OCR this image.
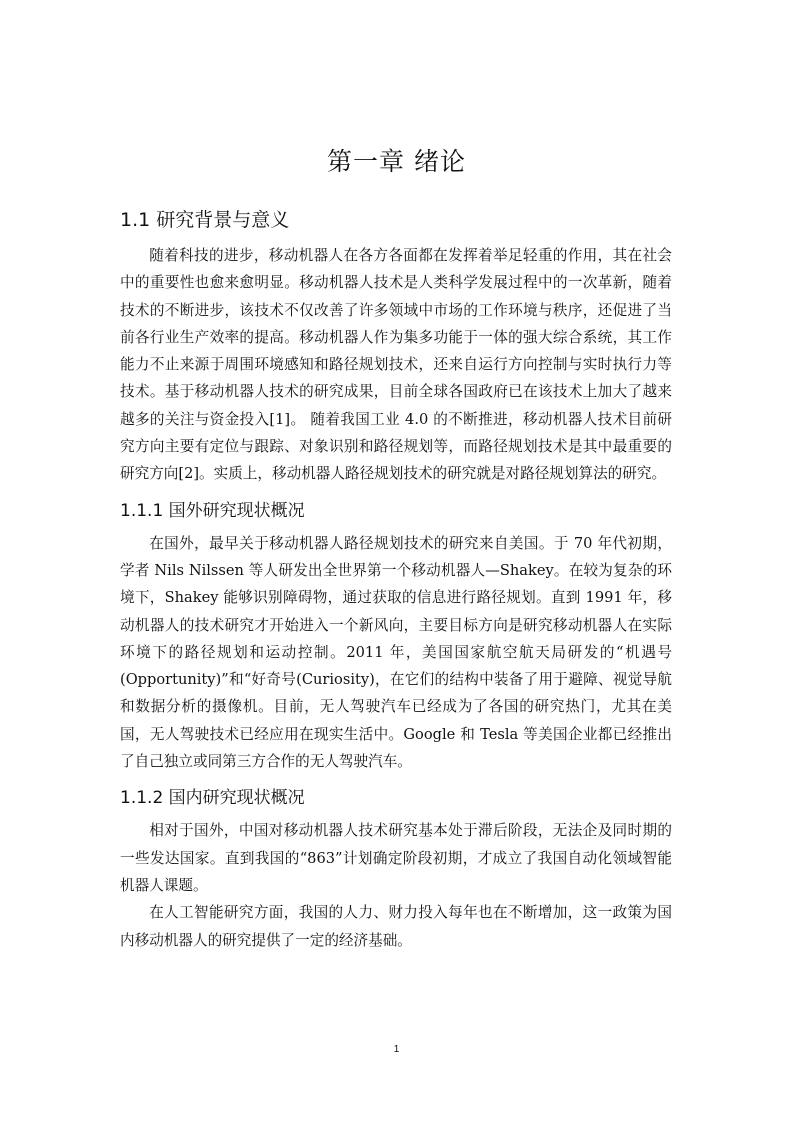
第一章 绪论
1.1 研究背景与意义

随着科技的进步，移动机器人在各方各面都在发挥着举足轻重的作用，其在社会中的重要性也愈来愈明显。移动机器人技术是人类科学发展过程中的一次革新，随着技术的不断进步，该技术不仅改善了许多领域中市场的工作环境与秩序，还促进了当前各行业生产效率的提高。移动机器人作为集多功能于一体的强大综合系统，其工作能力不止来源于周围环境感知和路径规划技术，还来自运行方向控制与实时执行力等技术。基于移动机器人技术的研究成果，目前全球各国政府已在该技术上加大了越来越多的关注与资金投入[1]。 随着我国工业 4.0 的不断推进，移动机器人技术目前研究方向主要有定位与跟踪、对象识别和路径规划等，而路径规划技术是其中最重要的研究方向[2]。实质上，移动机器人路径规划技术的研究就是对路径规划算法的研究。

1.1.1 国外研究现状概况

在国外，最早关于移动机器人路径规划技术的研究来自美国。于 70 年代初期，学者 Nils Nilssen 等人研发出全世界第一个移动机器人—Shakey。在较为复杂的环境下，Shakey 能够识别障碍物，通过获取的信息进行路径规划。直到 1991 年，移动机器人的技术研究才开始进入一个新风向，主要目标方向是研究移动机器人在实际环境下的路径规划和运动控制。2011 年，美国国家航空航天局研发的“机遇号(Opportunity)”和“好奇号(Curiosity)，在它们的结构中装备了用于避障、视觉导航和数据分析的摄像机。目前，无人驾驶汽车已经成为了各国的研究热门，尤其在美国，无人驾驶技术已经应用在现实生活中。Google 和 Tesla 等美国企业都已经推出了自己独立或同第三方合作的无人驾驶汽车。

1.1.2 国内研究现状概况

相对于国外，中国对移动机器人技术研究基本处于滞后阶段，无法企及同时期的一些发达国家。直到我国的“863”计划确定阶段初期，才成立了我国自动化领域智能机器人课题。

在人工智能研究方面，我国的人力、财力投入每年也在不断增加，这一政策为国内移动机器人的研究提供了一定的经济基础。

1
